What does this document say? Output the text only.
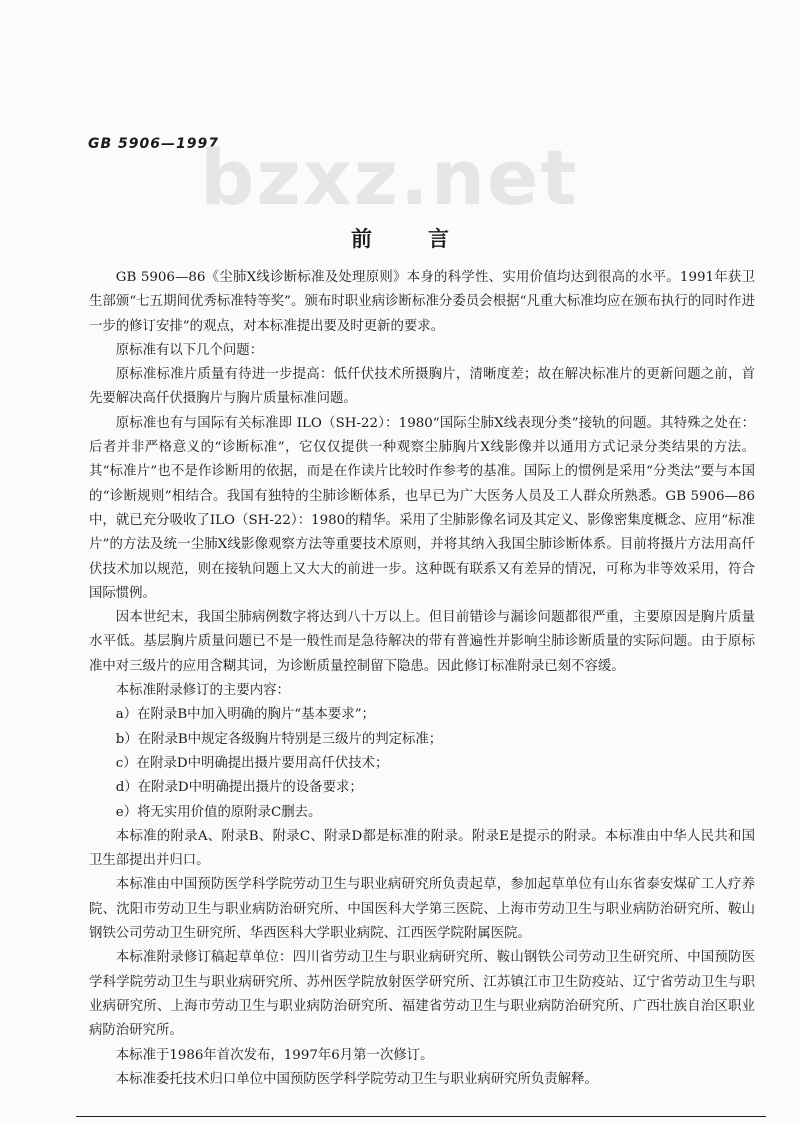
GB 5906—1997
bzxz.net
前言

GB 5906—86《尘肺X线诊断标准及处理原则》本身的科学性、实用价值均达到很高的水平。1991年获卫生部颁“七五期间优秀标准特等奖”。颁布时职业病诊断标准分委员会根据“凡重大标准均应在颁布执行的同时作进一步的修订安排”的观点，对本标准提出要及时更新的要求。

原标准有以下几个问题：

原标准标准片质量有待进一步提高：低仟伏技术所摄胸片，清晰度差；故在解决标准片的更新问题之前，首先要解决高仟伏摄胸片与胸片质量标准问题。

原标准也有与国际有关标准即 ILO（SH-22）：1980“国际尘肺X线表现分类”接轨的问题。其特殊之处在：后者并非严格意义的“诊断标准”，它仅仅提供一种观察尘肺胸片X线影像并以通用方式记录分类结果的方法。其“标准片”也不是作诊断用的依据，而是在作读片比较时作参考的基准。国际上的惯例是采用“分类法”要与本国的“诊断规则”相结合。我国有独特的尘肺诊断体系，也早已为广大医务人员及工人群众所熟悉。GB 5906—86中，就已充分吸收了ILO（SH-22）：1980的精华。采用了尘肺影像名词及其定义、影像密集度概念、应用“标准片”的方法及统一尘肺X线影像观察方法等重要技术原则，并将其纳入我国尘肺诊断体系。目前将摄片方法用高仟伏技术加以规范，则在接轨问题上又大大的前进一步。这种既有联系又有差异的情况，可称为非等效采用，符合国际惯例。

因本世纪末，我国尘肺病例数字将达到八十万以上。但目前错诊与漏诊问题都很严重，主要原因是胸片质量水平低。基层胸片质量问题已不是一般性而是急待解决的带有普遍性并影响尘肺诊断质量的实际问题。由于原标准中对三级片的应用含糊其词，为诊断质量控制留下隐患。因此修订标准附录已刻不容缓。

本标准附录修订的主要内容：

a）在附录B中加入明确的胸片“基本要求”；

b）在附录B中规定各级胸片特别是三级片的判定标准；

c）在附录D中明确提出摄片要用高仟伏技术；

d）在附录D中明确提出摄片的设备要求；

e）将无实用价值的原附录C删去。

本标准的附录A、附录B、附录C、附录D都是标准的附录。附录E是提示的附录。本标准由中华人民共和国卫生部提出并归口。

本标准由中国预防医学科学院劳动卫生与职业病研究所负责起草，参加起草单位有山东省泰安煤矿工人疗养院、沈阳市劳动卫生与职业病防治研究所、中国医科大学第三医院、上海市劳动卫生与职业病防治研究所、鞍山钢铁公司劳动卫生研究所、华西医科大学职业病院、江西医学院附属医院。

本标准附录修订稿起草单位：四川省劳动卫生与职业病研究所、鞍山钢铁公司劳动卫生研究所、中国预防医学科学院劳动卫生与职业病研究所、苏州医学院放射医学研究所、江苏镇江市卫生防疫站、辽宁省劳动卫生与职业病研究所、上海市劳动卫生与职业病防治研究所、福建省劳动卫生与职业病防治研究所、广西壮族自治区职业病防治研究所。

本标准于1986年首次发布，1997年6月第一次修订。

本标准委托技术归口单位中国预防医学科学院劳动卫生与职业病研究所负责解释。
